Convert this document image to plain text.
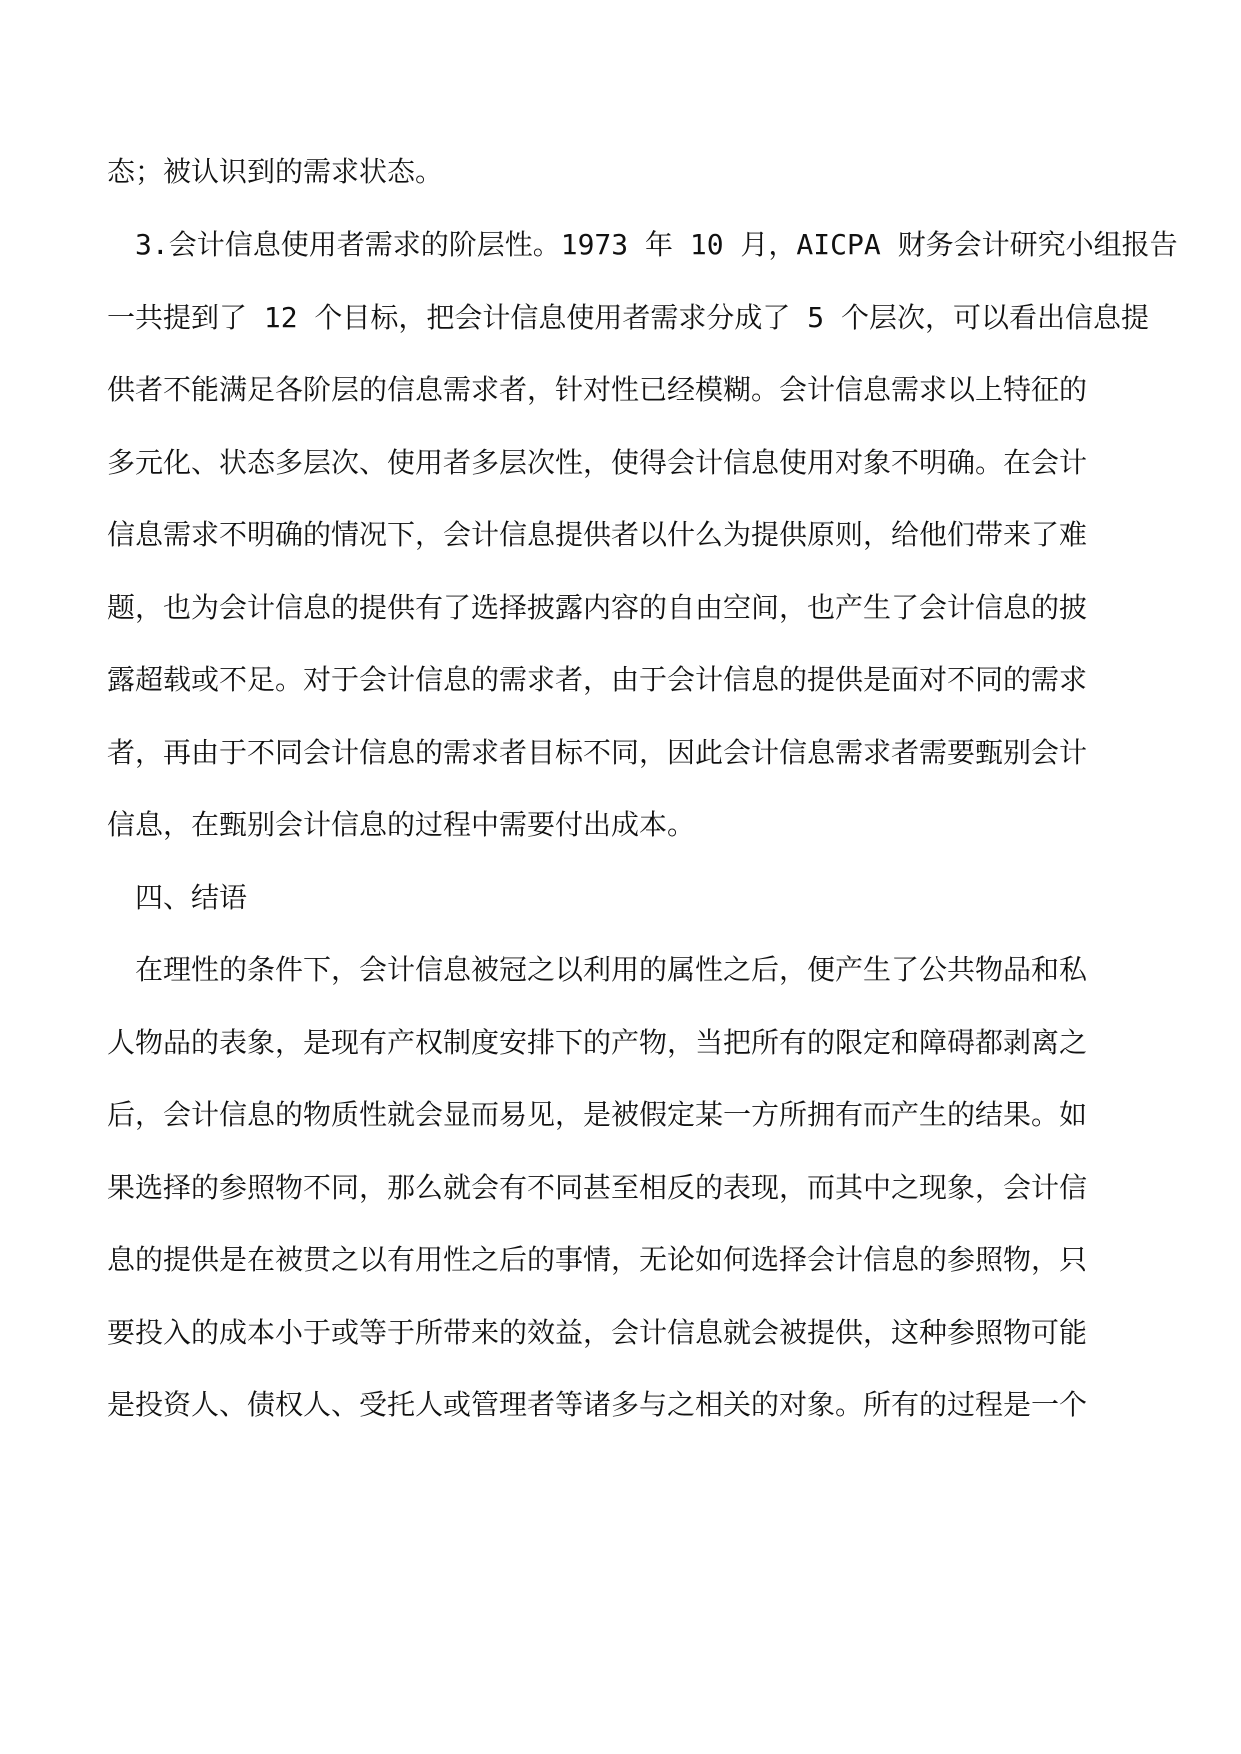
态；被认识到的需求状态。
　3.会计信息使用者需求的阶层性。1973 年 10 月，AICPA 财务会计研究小组报告
一共提到了 12 个目标，把会计信息使用者需求分成了 5 个层次，可以看出信息提
供者不能满足各阶层的信息需求者，针对性已经模糊。会计信息需求以上特征的
多元化、状态多层次、使用者多层次性，使得会计信息使用对象不明确。在会计
信息需求不明确的情况下，会计信息提供者以什么为提供原则，给他们带来了难
题，也为会计信息的提供有了选择披露内容的自由空间，也产生了会计信息的披
露超载或不足。对于会计信息的需求者，由于会计信息的提供是面对不同的需求
者，再由于不同会计信息的需求者目标不同，因此会计信息需求者需要甄别会计
信息，在甄别会计信息的过程中需要付出成本。
　四、结语
　在理性的条件下，会计信息被冠之以利用的属性之后，便产生了公共物品和私
人物品的表象，是现有产权制度安排下的产物，当把所有的限定和障碍都剥离之
后，会计信息的物质性就会显而易见，是被假定某一方所拥有而产生的结果。如
果选择的参照物不同，那么就会有不同甚至相反的表现，而其中之现象，会计信
息的提供是在被贯之以有用性之后的事情，无论如何选择会计信息的参照物，只
要投入的成本小于或等于所带来的效益，会计信息就会被提供，这种参照物可能
是投资人、债权人、受托人或管理者等诸多与之相关的对象。所有的过程是一个
